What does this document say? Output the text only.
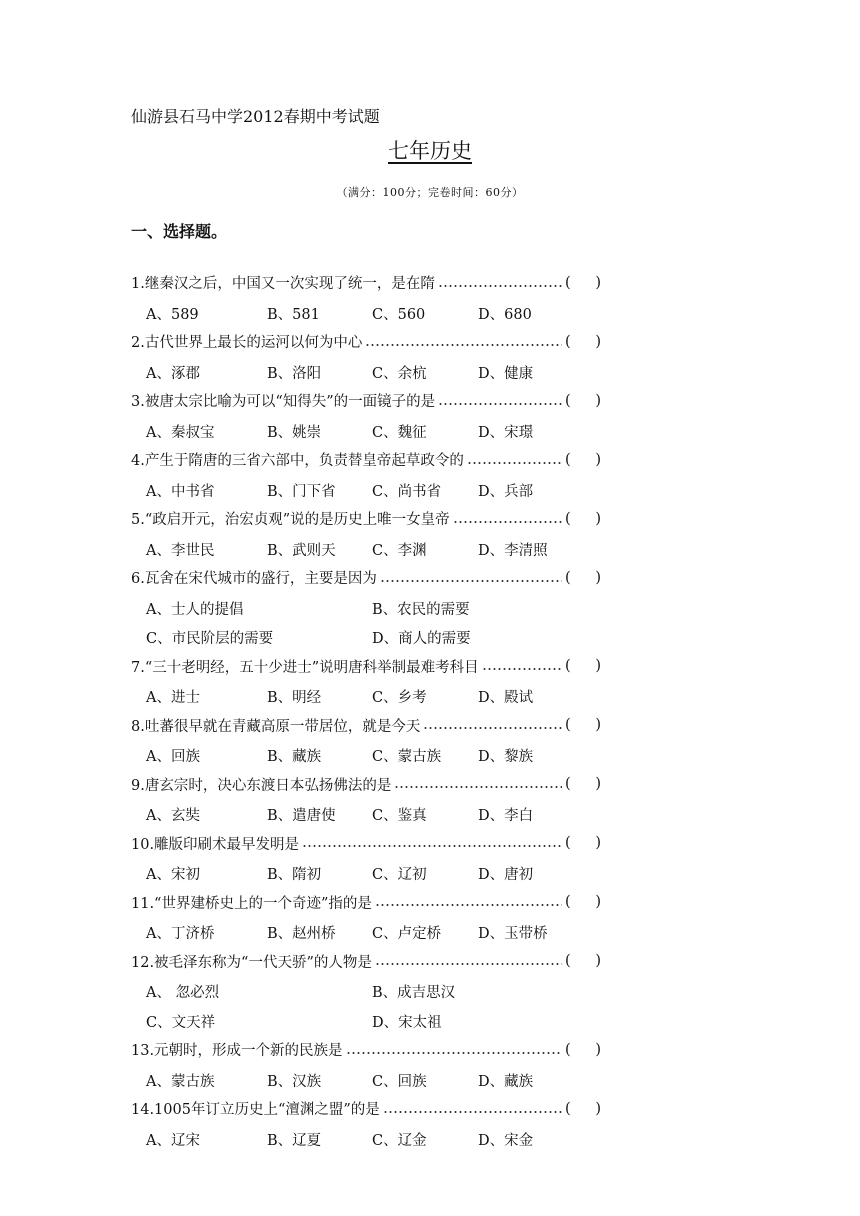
仙游县石马中学2012春期中考试题
七年历史
（满分：100分；完卷时间：60分）
一、选择题。
1.继秦汉之后，中国又一次实现了统一，是在隋	( )
A、589	B、581	C、560	D、680
2.古代世界上最长的运河以何为中心	( )
A、涿郡	B、洛阳	C、余杭	D、健康
3.被唐太宗比喻为可以“知得失”的一面镜子的是	( )
A、秦叔宝	B、姚崇	C、魏征	D、宋璟
4.产生于隋唐的三省六部中，负责替皇帝起草政令的	( )
A、中书省	B、门下省	C、尚书省	D、兵部
5.“政启开元，治宏贞观”说的是历史上唯一女皇帝	( )
A、李世民	B、武则天	C、李渊	D、李清照
6.瓦舍在宋代城市的盛行，主要是因为	( )
A、士人的提倡	B、农民的需要
C、市民阶层的需要	D、商人的需要
7.“三十老明经，五十少进士”说明唐科举制最难考科目	( )
A、进士	B、明经	C、乡考	D、殿试
8.吐蕃很早就在青藏高原一带居位，就是今天	( )
A、回族	B、藏族	C、蒙古族	D、黎族
9.唐玄宗时，决心东渡日本弘扬佛法的是	( )
A、玄奘	B、遣唐使	C、鉴真	D、李白
10.雕版印刷术最早发明是	( )
A、宋初	B、隋初	C、辽初	D、唐初
11.“世界建桥史上的一个奇迹”指的是	( )
A、丁济桥	B、赵州桥	C、卢定桥	D、玉带桥
12.被毛泽东称为“一代天骄”的人物是	( )
A、 忽必烈	B、成吉思汉
C、文天祥	D、宋太祖
13.元朝时，形成一个新的民族是	( )
A、蒙古族	B、汉族	C、回族	D、藏族
14.1005年订立历史上“澶渊之盟”的是	( )
A、辽宋	B、辽夏	C、辽金	D、宋金
